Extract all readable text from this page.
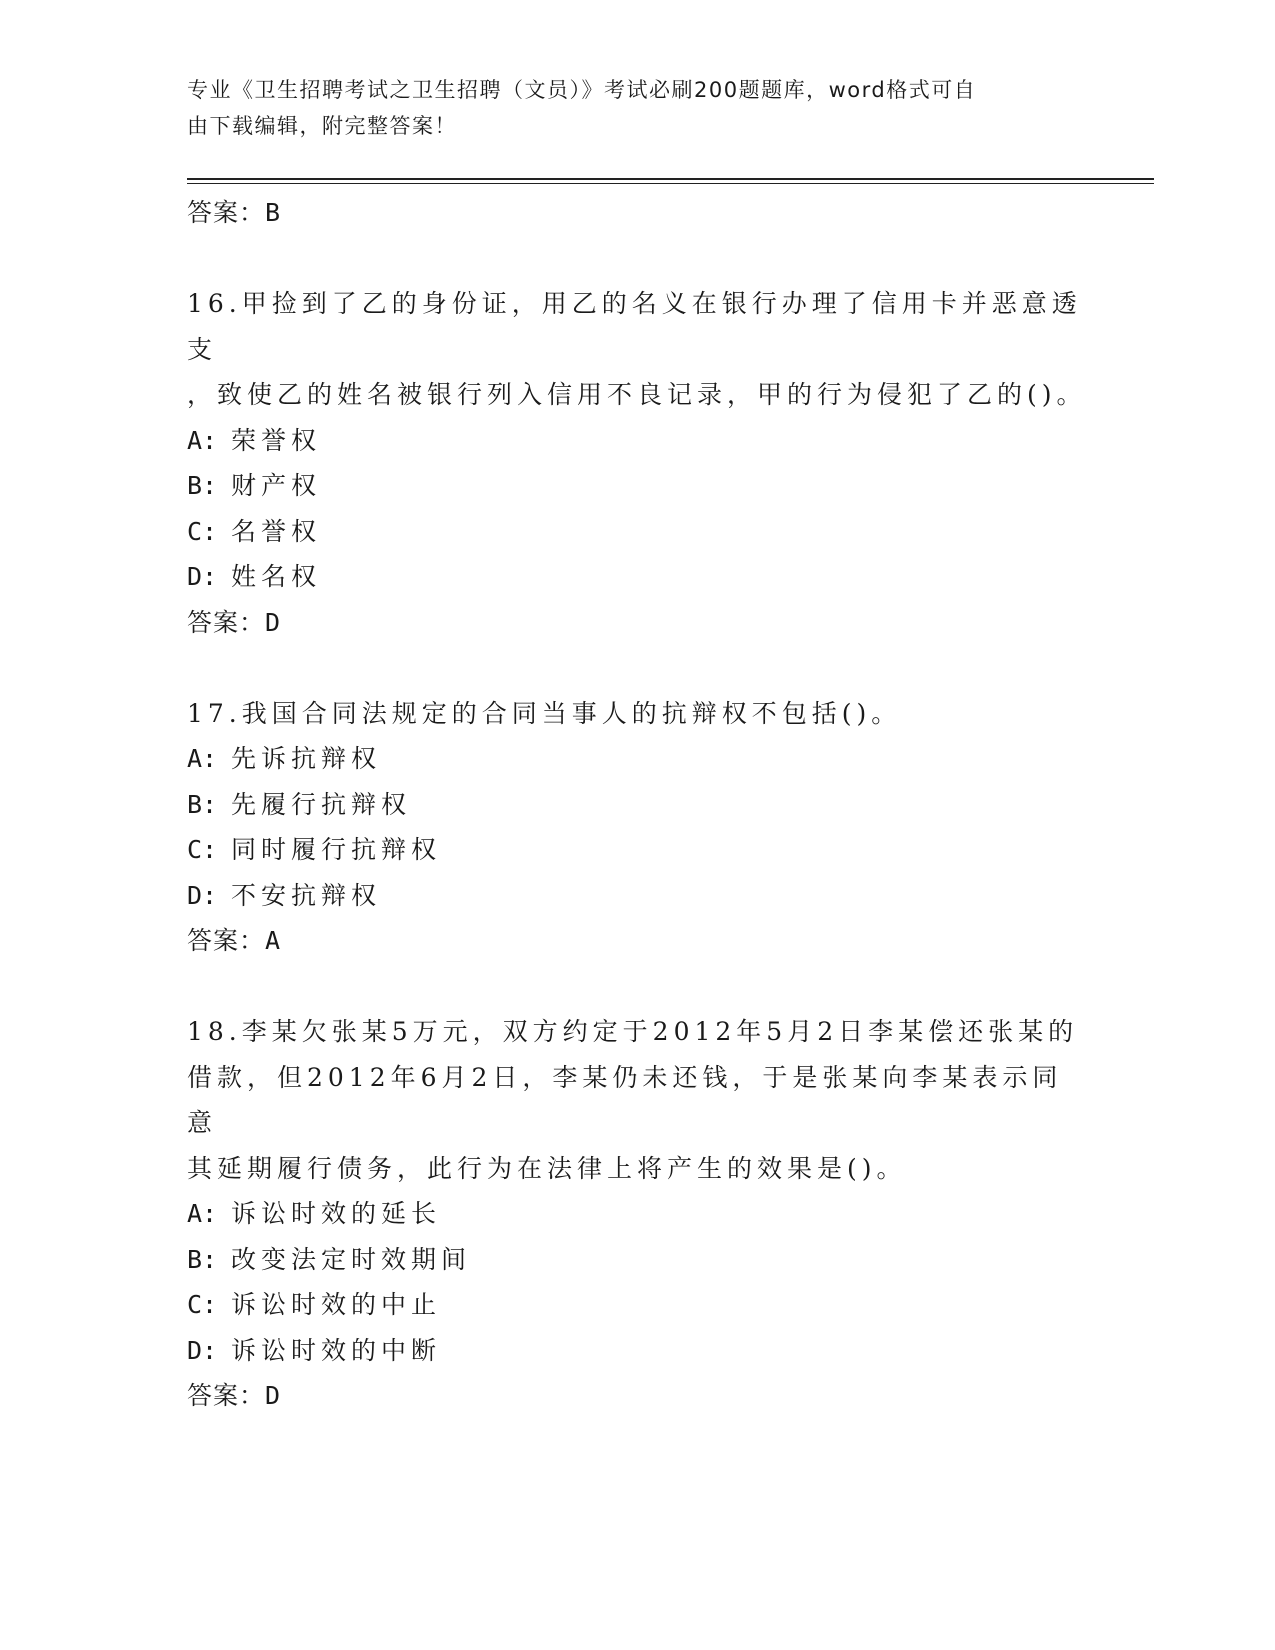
专业《卫生招聘考试之卫生招聘（文员）》考试必刷200题题库，word格式可自
由下载编辑，附完整答案！
答案：B
16.甲捡到了乙的身份证，用乙的名义在银行办理了信用卡并恶意透支
，致使乙的姓名被银行列入信用不良记录，甲的行为侵犯了乙的()。
A: 荣誉权
B: 财产权
C: 名誉权
D: 姓名权
答案：D
17.我国合同法规定的合同当事人的抗辩权不包括()。
A: 先诉抗辩权
B: 先履行抗辩权
C: 同时履行抗辩权
D: 不安抗辩权
答案：A
18.李某欠张某5万元，双方约定于2012年5月2日李某偿还张某的
借款，但2012年6月2日，李某仍未还钱，于是张某向李某表示同意
其延期履行债务，此行为在法律上将产生的效果是()。
A: 诉讼时效的延长
B: 改变法定时效期间
C: 诉讼时效的中止
D: 诉讼时效的中断
答案：D
